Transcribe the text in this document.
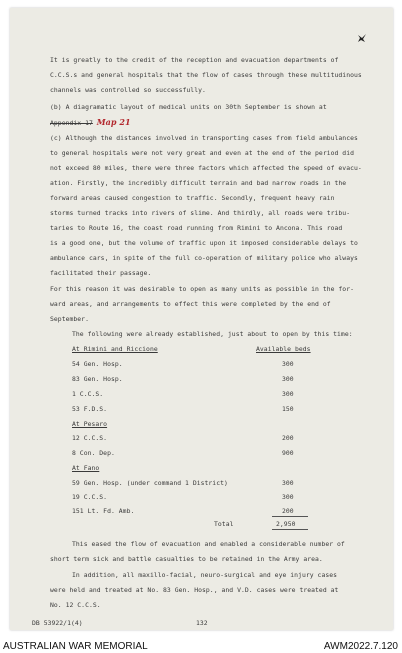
It is greatly to the credit of the reception and evacuation departments of
C.C.S.s and general hospitals that the flow of cases through these multitudinous
channels was controlled so successfully.
(b) A diagramatic layout of medical units on 30th September is shown at
Appendix 17 Map 21
(c) Although the distances involved in transporting cases from field ambulances
to general hospitals were not very great and even at the end of the period did
not exceed 80 miles, there were three factors which affected the speed of evacu-
ation. Firstly, the incredibly difficult terrain and bad narrow roads in the
forward areas caused congestion to traffic. Secondly, frequent heavy rain
storms turned tracks into rivers of slime. And thirdly, all roads were tribu-
taries to Route 16, the coast road running from Rimini to Ancona. This road
is a good one, but the volume of traffic upon it imposed considerable delays to
ambulance cars, in spite of the full co-operation of military police who always
facilitated their passage.
For this reason it was desirable to open as many units as possible in the for-
ward areas, and arrangements to effect this were completed by the end of
September.
The following were already established, just about to open by this time:
At Rimini and Riccione	Available beds
54 Gen. Hosp.	300
83 Gen. Hosp.	300
1 C.C.S.	300
53 F.D.S.	150
At Pesaro
12 C.C.S.	200
8 Con. Dep.	900
At Fano
59 Gen. Hosp. (under command 1 District)	300
19 C.C.S.	300
151 Lt. Fd. Amb.	200
Total	2,950
This eased the flow of evacuation and enabled a considerable number of
short term sick and battle casualties to be retained in the Army area.
In addition, all maxillo-facial, neuro-surgical and eye injury cases
were held and treated at No. 83 Gen. Hosp., and V.D. cases were treated at
No. 12 C.C.S.
DB 53922/1(4)	132
AUSTRALIAN WAR MEMORIAL	AWM2022.7.120
